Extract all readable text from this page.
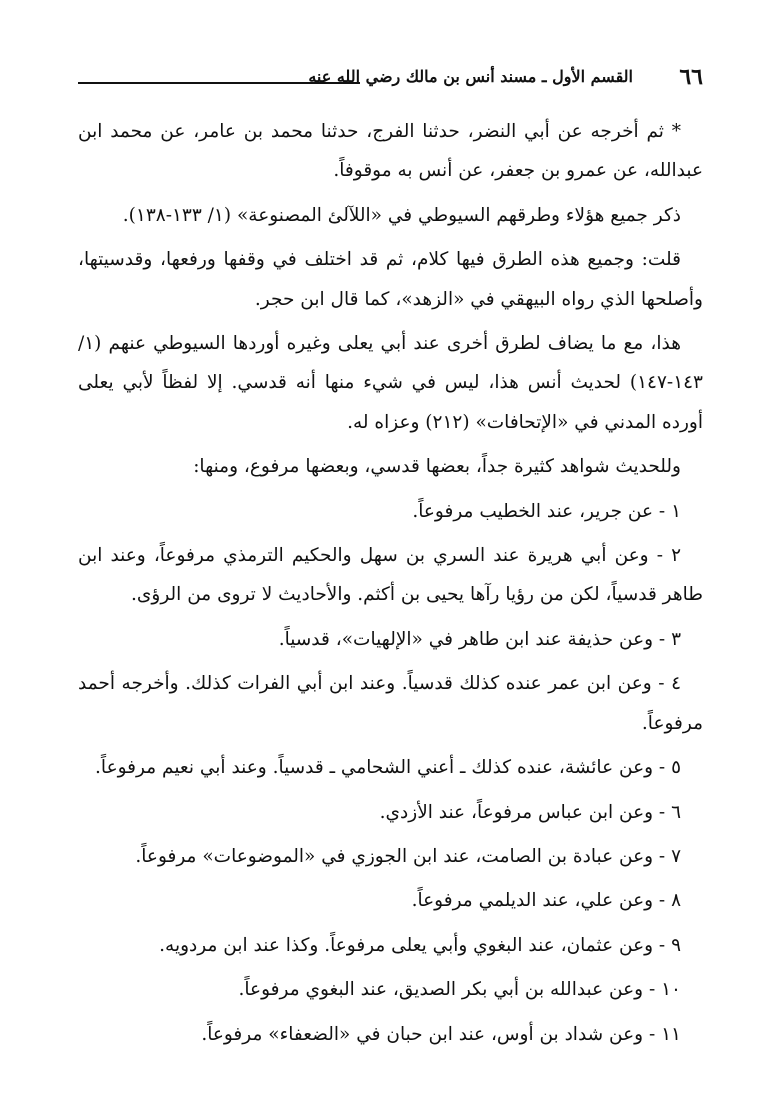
٦٦
القسم الأول ـ مسند أنس بن مالك رضي الله عنه

* ثم أخرجه عن أبي النضر، حدثنا الفرج، حدثنا محمد بن عامر، عن محمد ابن عبدالله، عن عمرو بن جعفر، عن أنس به موقوفاً.

ذكر جميع هؤلاء وطرقهم السيوطي في «اللآلئ المصنوعة» (١/ ١٣٣-١٣٨).

قلت: وجميع هذه الطرق فيها كلام، ثم قد اختلف في وقفها ورفعها، وقدسيتها، وأصلحها الذي رواه البيهقي في «الزهد»، كما قال ابن حجر.

هذا، مع ما يضاف لطرق أخرى عند أبي يعلى وغيره أوردها السيوطي عنهم (١/ ١٤٣-١٤٧) لحديث أنس هذا، ليس في شيء منها أنه قدسي. إلا لفظاً لأبي يعلى أورده المدني في «الإتحافات» (٢١٢) وعزاه له.

وللحديث شواهد كثيرة جداً، بعضها قدسي، وبعضها مرفوع، ومنها:

١ - عن جرير، عند الخطيب مرفوعاً.

٢ - وعن أبي هريرة عند السري بن سهل والحكيم الترمذي مرفوعاً، وعند ابن طاهر قدسياً، لكن من رؤيا رآها يحيى بن أكثم. والأحاديث لا تروى من الرؤى.

٣ - وعن حذيفة عند ابن طاهر في «الإلهيات»، قدسياً.

٤ - وعن ابن عمر عنده كذلك قدسياً. وعند ابن أبي الفرات كذلك. وأخرجه أحمد مرفوعاً.

٥ - وعن عائشة، عنده كذلك ـ أعني الشحامي ـ قدسياً. وعند أبي نعيم مرفوعاً.

٦ - وعن ابن عباس مرفوعاً، عند الأزدي.

٧ - وعن عبادة بن الصامت، عند ابن الجوزي في «الموضوعات» مرفوعاً.

٨ - وعن علي، عند الديلمي مرفوعاً.

٩ - وعن عثمان، عند البغوي وأبي يعلى مرفوعاً. وكذا عند ابن مردويه.

١٠ - وعن عبدالله بن أبي بكر الصديق، عند البغوي مرفوعاً.

١١ - وعن شداد بن أوس، عند ابن حبان في «الضعفاء» مرفوعاً.
